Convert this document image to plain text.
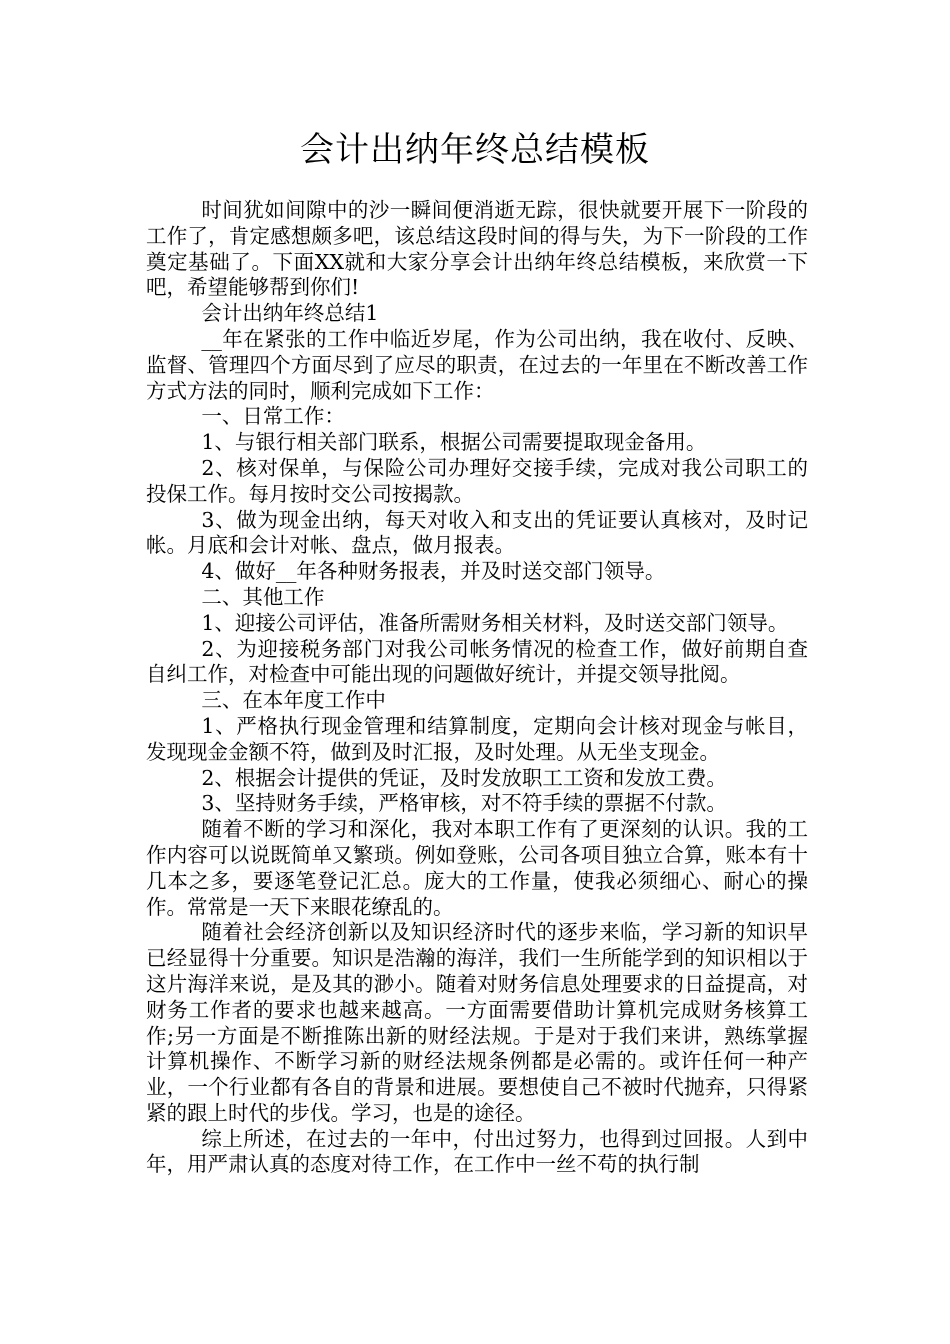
会计出纳年终总结模板

时间犹如间隙中的沙一瞬间便消逝无踪，很快就要开展下一阶段的工作了，肯定感想颇多吧，该总结这段时间的得与失，为下一阶段的工作奠定基础了。下面XX就和大家分享会计出纳年终总结模板，来欣赏一下吧，希望能够帮到你们!

会计出纳年终总结1

__年在紧张的工作中临近岁尾，作为公司出纳，我在收付、反映、监督、管理四个方面尽到了应尽的职责，在过去的一年里在不断改善工作方式方法的同时，顺利完成如下工作：

一、日常工作：

1、与银行相关部门联系，根据公司需要提取现金备用。

2、核对保单，与保险公司办理好交接手续，完成对我公司职工的投保工作。每月按时交公司按揭款。

3、做为现金出纳，每天对收入和支出的凭证要认真核对，及时记帐。月底和会计对帐、盘点，做月报表。

4、做好__年各种财务报表，并及时送交部门领导。

二、其他工作

1、迎接公司评估，准备所需财务相关材料，及时送交部门领导。

2、为迎接税务部门对我公司帐务情况的检查工作，做好前期自查自纠工作，对检查中可能出现的问题做好统计，并提交领导批阅。

三、在本年度工作中

1、严格执行现金管理和结算制度，定期向会计核对现金与帐目，发现现金金额不符，做到及时汇报，及时处理。从无坐支现金。

2、根据会计提供的凭证，及时发放职工工资和发放工费。

3、坚持财务手续，严格审核，对不符手续的票据不付款。

随着不断的学习和深化，我对本职工作有了更深刻的认识。我的工作内容可以说既简单又繁琐。例如登账，公司各项目独立合算，账本有十几本之多，要逐笔登记汇总。庞大的工作量，使我必须细心、耐心的操作。常常是一天下来眼花缭乱的。

随着社会经济创新以及知识经济时代的逐步来临，学习新的知识早已经显得十分重要。知识是浩瀚的海洋，我们一生所能学到的知识相以于这片海洋来说，是及其的渺小。随着对财务信息处理要求的日益提高，对财务工作者的要求也越来越高。一方面需要借助计算机完成财务核算工作;另一方面是不断推陈出新的财经法规。于是对于我们来讲，熟练掌握计算机操作、不断学习新的财经法规条例都是必需的。或许任何一种产业，一个行业都有各自的背景和进展。要想使自己不被时代抛弃，只得紧紧的跟上时代的步伐。学习，也是的途径。

综上所述，在过去的一年中，付出过努力，也得到过回报。人到中年，用严肃认真的态度对待工作，在工作中一丝不苟的执行制
